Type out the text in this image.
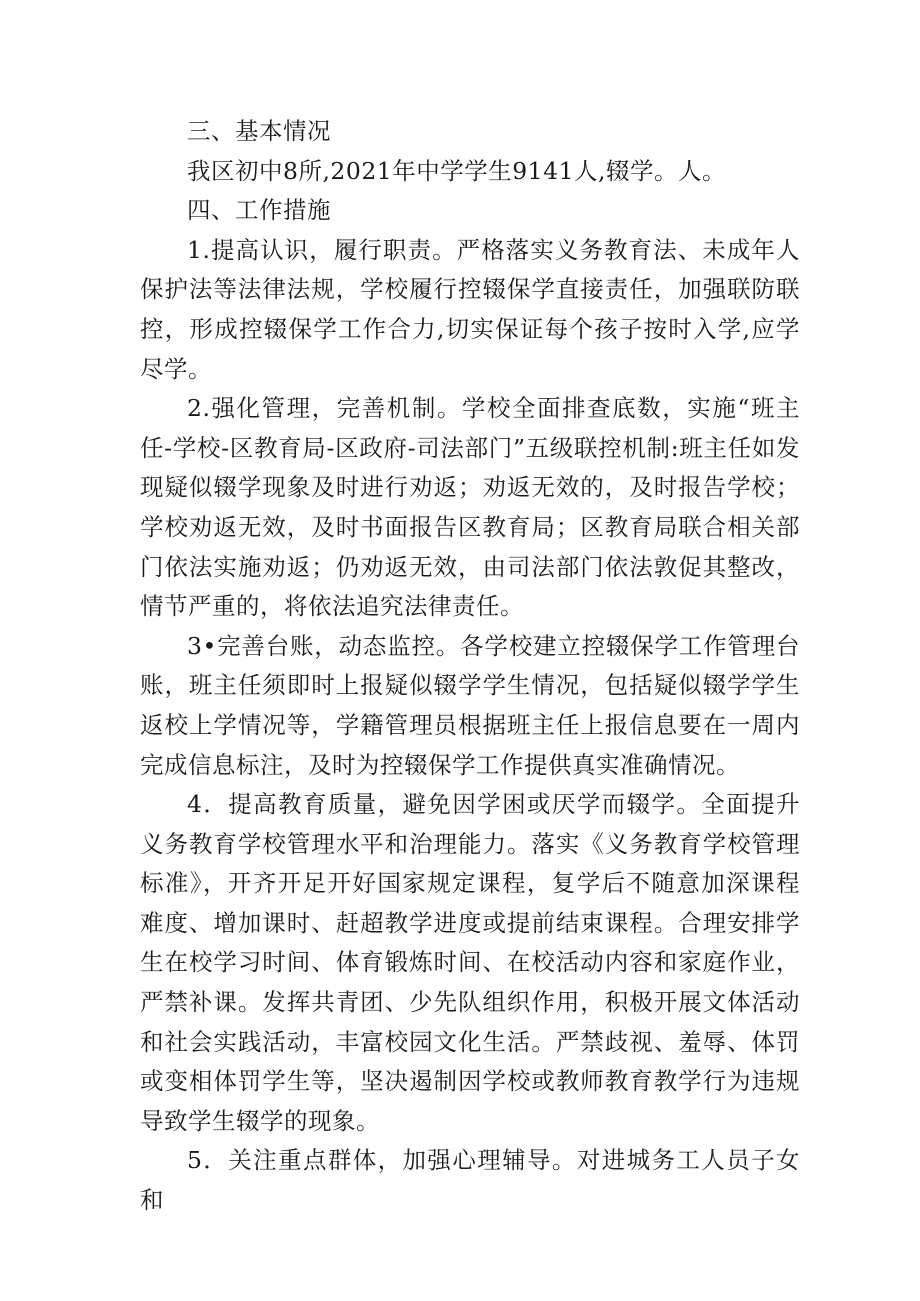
三、基本情况

我区初中8所,2021年中学学生9141人,辍学。人。

四、工作措施

1.提高认识，履行职责。严格落实义务教育法、未成年人保护法等法律法规，学校履行控辍保学直接责任，加强联防联控，形成控辍保学工作合力,切实保证每个孩子按时入学,应学尽学。

2.强化管理，完善机制。学校全面排查底数，实施“班主任-学校-区教育局-区政府-司法部门”五级联控机制:班主任如发现疑似辍学现象及时进行劝返；劝返无效的，及时报告学校；学校劝返无效，及时书面报告区教育局；区教育局联合相关部门依法实施劝返；仍劝返无效，由司法部门依法敦促其整改，情节严重的，将依法追究法律责任。

3•完善台账，动态监控。各学校建立控辍保学工作管理台账，班主任须即时上报疑似辍学学生情况，包括疑似辍学学生返校上学情况等，学籍管理员根据班主任上报信息要在一周内完成信息标注，及时为控辍保学工作提供真实准确情况。

4．提高教育质量，避免因学困或厌学而辍学。全面提升义务教育学校管理水平和治理能力。落实《义务教育学校管理标准》，开齐开足开好国家规定课程，复学后不随意加深课程难度、增加课时、赶超教学进度或提前结束课程。合理安排学生在校学习时间、体育锻炼时间、在校活动内容和家庭作业，严禁补课。发挥共青团、少先队组织作用，积极开展文体活动和社会实践活动，丰富校园文化生活。严禁歧视、羞辱、体罚或变相体罚学生等，坚决遏制因学校或教师教育教学行为违规导致学生辍学的现象。

5．关注重点群体，加强心理辅导。对进城务工人员子女和
